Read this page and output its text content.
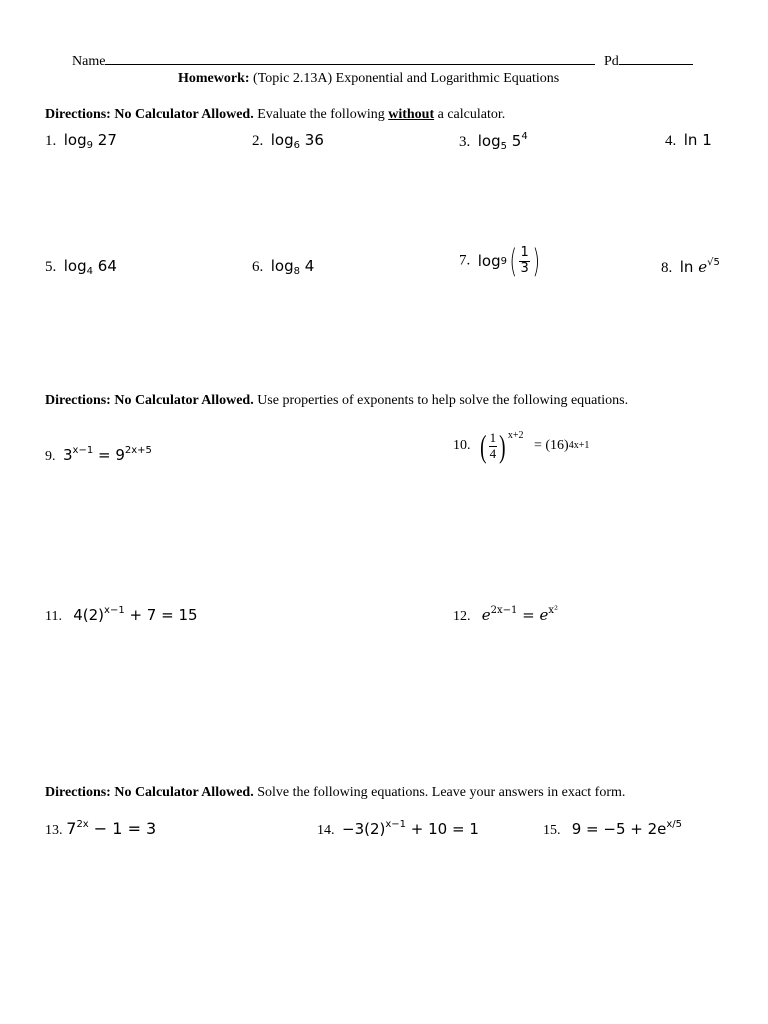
Name	Pd
Homework: (Topic 2.13A) Exponential and Logarithmic Equations
Directions: No Calculator Allowed. Evaluate the following without a calculator.
1. $\log_9 27$	2. $\log_6 36$	3. $\log_5 5^4$	4. ln 1
5. $\log_4 64$	6. $\log_8 4$	7. log 9 ( $\frac{1}{3}$ )	8. $\ln e^{√5}$
Directions: No Calculator Allowed. Use properties of exponents to help solve the following equations.
9. $3^{x-1} = 9^{2x+5}$	10. ( $\frac{1}{4}$ ) x+2

= (16) 4x+1
11. $4(2)^{x-1} + 7 = 15$	12. $e^{2x-1} = e^{x^2}$
Directions: No Calculator Allowed. Solve the following equations. Leave your answers in exact form.
13. $7^{2x} - 1 = 3$	14. $-3(2)^{x-1} + 10 = 1$	15. $9 = -5 + 2e^{x/5}$
